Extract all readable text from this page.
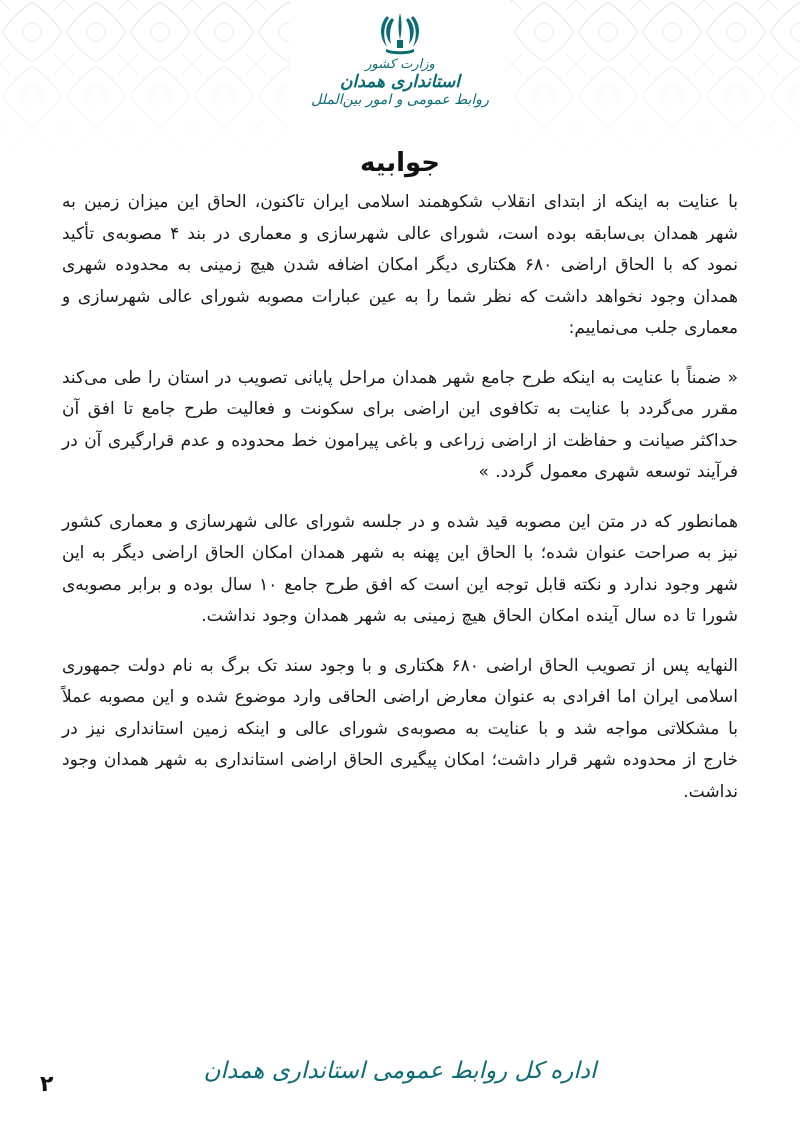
وزارت کشور
استانداری همدان
روابط عمومی و امور بین‌الملل
جوابیه

با عنایت به اینکه از ابتدای انقلاب شکوهمند اسلامی ایران تاکنون، الحاق این میزان زمین به شهر همدان بی‌سابقه بوده است، شورای عالی شهرسازی و معماری در بند ۴ مصوبه‌ی تأکید نمود که با الحاق اراضی ۶۸۰ هکتاری دیگر امکان اضافه شدن هیچ زمینی به محدوده شهری همدان وجود نخواهد داشت که نظر شما را به عین عبارات مصوبه شورای عالی شهرسازی و معماری جلب می‌نماییم:

« ضمناً با عنایت به اینکه طرح جامع شهر همدان مراحل پایانی تصویب در استان را طی می‌کند مقرر می‌گردد با عنایت به تکافوی این اراضی برای سکونت و فعالیت طرح جامع تا افق آن حداکثر صیانت و حفاظت از اراضی زراعی و باغی پیرامون خط محدوده و عدم قرارگیری آن در فرآیند توسعه شهری معمول گردد. »

همانطور که در متن این مصوبه قید شده و در جلسه شورای عالی شهرسازی و معماری کشور نیز به صراحت عنوان شده؛ با الحاق این پهنه به شهر همدان امکان الحاق اراضی دیگر به این شهر وجود ندارد و نکته قابل توجه این است که افق طرح جامع ۱۰ سال بوده و برابر مصوبه‌ی شورا تا ده سال آینده امکان الحاق هیچ زمینی به شهر همدان وجود نداشت.

النهایه پس از تصویب الحاق اراضی ۶۸۰ هکتاری و با وجود سند تک برگ به نام دولت جمهوری اسلامی ایران اما افرادی به عنوان معارض اراضی الحاقی وارد موضوع شده و این مصوبه عملاً با مشکلاتی مواجه شد و با عنایت به مصوبه‌ی شورای عالی و اینکه زمین استانداری نیز در خارج از محدوده شهر قرار داشت؛ امکان پیگیری الحاق اراضی استانداری به شهر همدان وجود نداشت.

اداره کل روابط عمومی استانداری همدان
۲
